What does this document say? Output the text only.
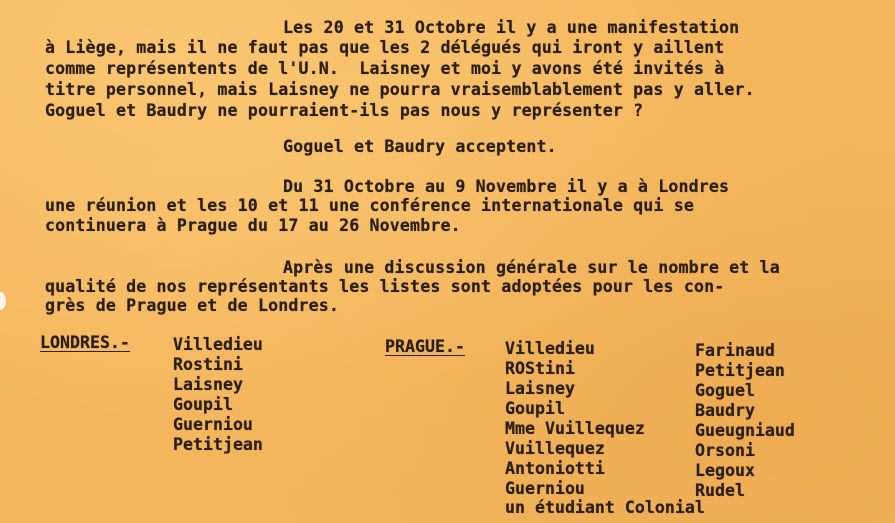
Les 20 et 31 Octobre il y a une manifestation
à Liège, mais il ne faut pas que les 2 délégués qui iront y aillent
comme représentents de l'U.N.  Laisney et moi y avons été invités à
titre personnel, mais Laisney ne pourra vraisemblablement pas y aller.
Goguel et Baudry ne pourraient-ils pas nous y représenter ?
Goguel et Baudry acceptent.
Du 31 Octobre au 9 Novembre il y a à Londres
une réunion et les 10 et 11 une conférence internationale qui se
continuera à Prague du 17 au 26 Novembre.
Après une discussion générale sur le nombre et la
qualité de nos représentants les listes sont adoptées pour les con-
grès de Prague et de Londres.
LONDRES.-	Villedieu
Rostini
Laisney
Goupil
Guerniou
Petitjean
PRAGUE.- Villedieu
ROStini
Laisney
Goupil
Mme Vuillequez
Vuillequez
Antoniotti
Guerniou
un étudiant Colonial
Farinaud
Petitjean
Goguel
Baudry
Gueugniaud
Orsoni
Legoux
Rudel
